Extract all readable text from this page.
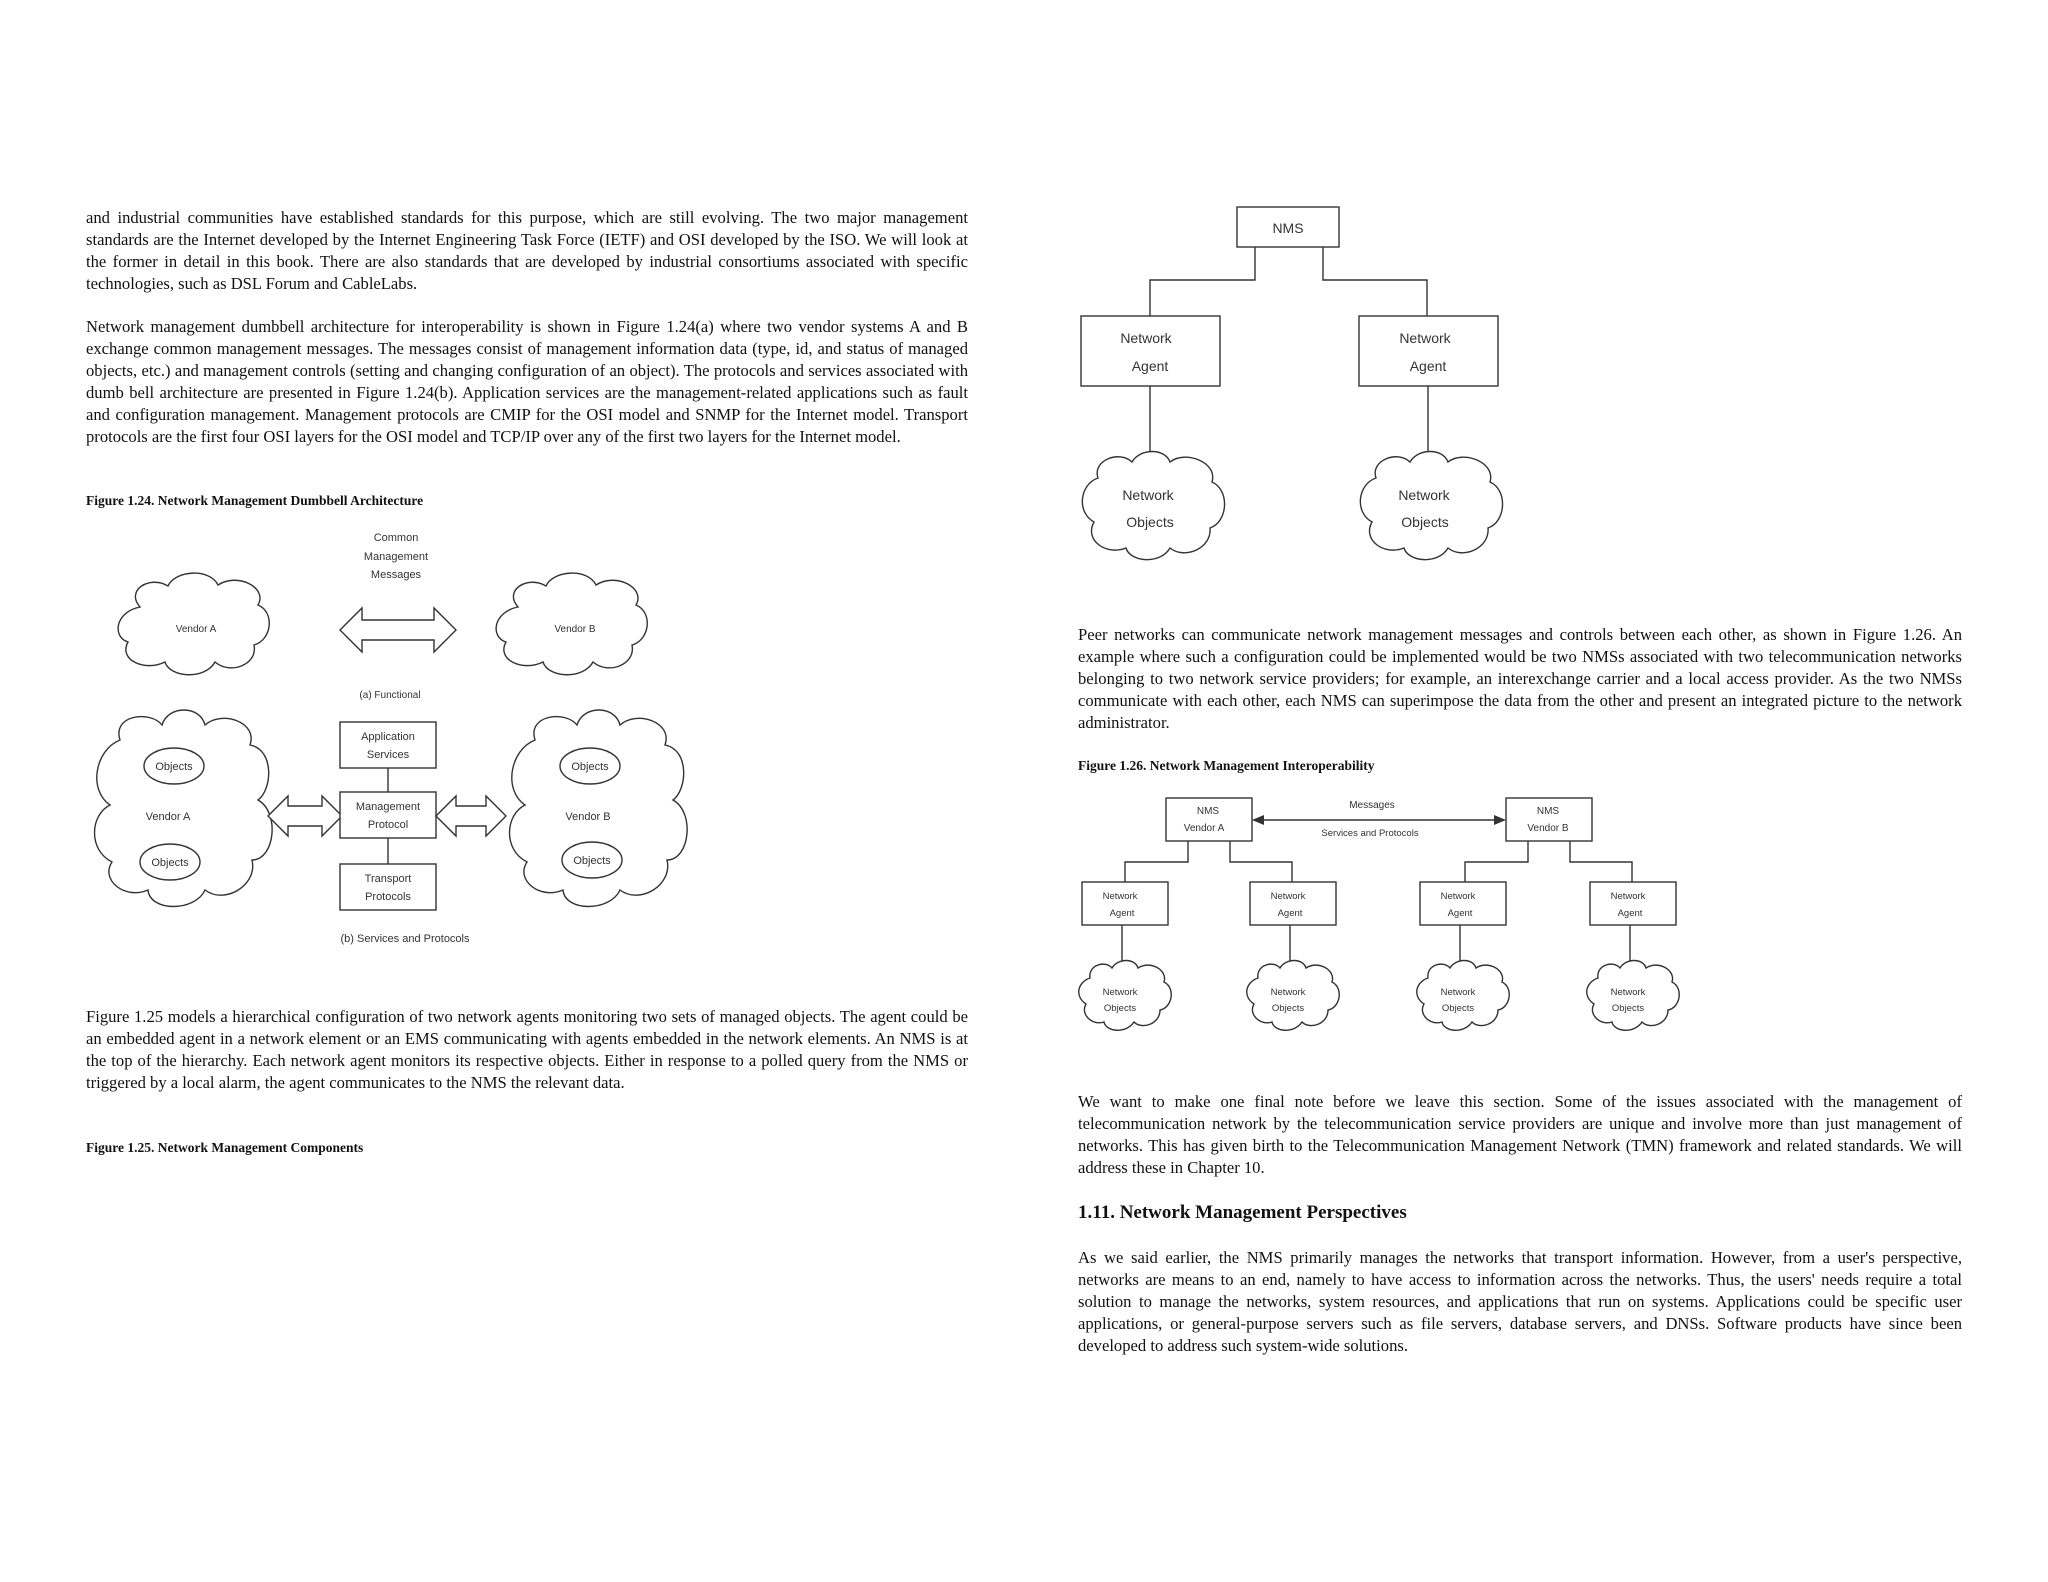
and industrial communities have established standards for this purpose, which are still evolving. The two major management standards are the Internet developed by the Internet Engineering Task Force (IETF) and OSI developed by the ISO. We will look at the former in detail in this book. There are also standards that are developed by industrial consortiums associated with specific technologies, such as DSL Forum and CableLabs.

Network management dumbbell architecture for interoperability is shown in Figure 1.24(a) where two vendor systems A and B exchange common management messages. The messages consist of management information data (type, id, and status of managed objects, etc.) and management controls (setting and changing configuration of an object). The protocols and services associated with dumb bell architecture are presented in Figure 1.24(b). Application services are the management-related applications such as fault and configuration management. Management protocols are CMIP for the OSI model and SNMP for the Internet model. Transport protocols are the first four OSI layers for the OSI model and TCP/IP over any of the first two layers for the Internet model.

Figure 1.24. Network Management Dumbbell Architecture

Common
Management
Messages
Vendor A	Vendor B
(a) Functional
Objects
Vendor A
Objects
Application
Services
Management
Protocol
Transport
Protocols
Objects
Vendor B
Objects
(b) Services and Protocols

Figure 1.25 models a hierarchical configuration of two network agents monitoring two sets of managed objects. The agent could be an embedded agent in a network element or an EMS communicating with agents embedded in the network elements. An NMS is at the top of the hierarchy. Each network agent monitors its respective objects. Either in response to a polled query from the NMS or triggered by a local alarm, the agent communicates to the NMS the relevant data.

Figure 1.25. Network Management Components

NMS
Network
Agent
Network
Agent
Network
Objects
Network
Objects

Peer networks can communicate network management messages and controls between each other, as shown in Figure 1.26. An example where such a configuration could be implemented would be two NMSs associated with two telecommunication networks belonging to two network service providers; for example, an interexchange carrier and a local access provider. As the two NMSs communicate with each other, each NMS can superimpose the data from the other and present an integrated picture to the network administrator.

Figure 1.26. Network Management Interoperability

NMS
Vendor A
NMS
Vendor B
Messages
Services and Protocols
Network
Agent
Network
Agent
Network
Agent
Network
Agent
Network
Objects
Network
Objects
Network
Objects
Network
Objects

We want to make one final note before we leave this section. Some of the issues associated with the management of telecommunication network by the telecommunication service providers are unique and involve more than just management of networks. This has given birth to the Telecommunication Management Network (TMN) framework and related standards. We will address these in Chapter 10.

1.11. Network Management Perspectives

As we said earlier, the NMS primarily manages the networks that transport information. However, from a user's perspective, networks are means to an end, namely to have access to information across the networks. Thus, the users' needs require a total solution to manage the networks, system resources, and applications that run on systems. Applications could be specific user applications, or general-purpose servers such as file servers, database servers, and DNSs. Software products have since been developed to address such system-wide solutions.
